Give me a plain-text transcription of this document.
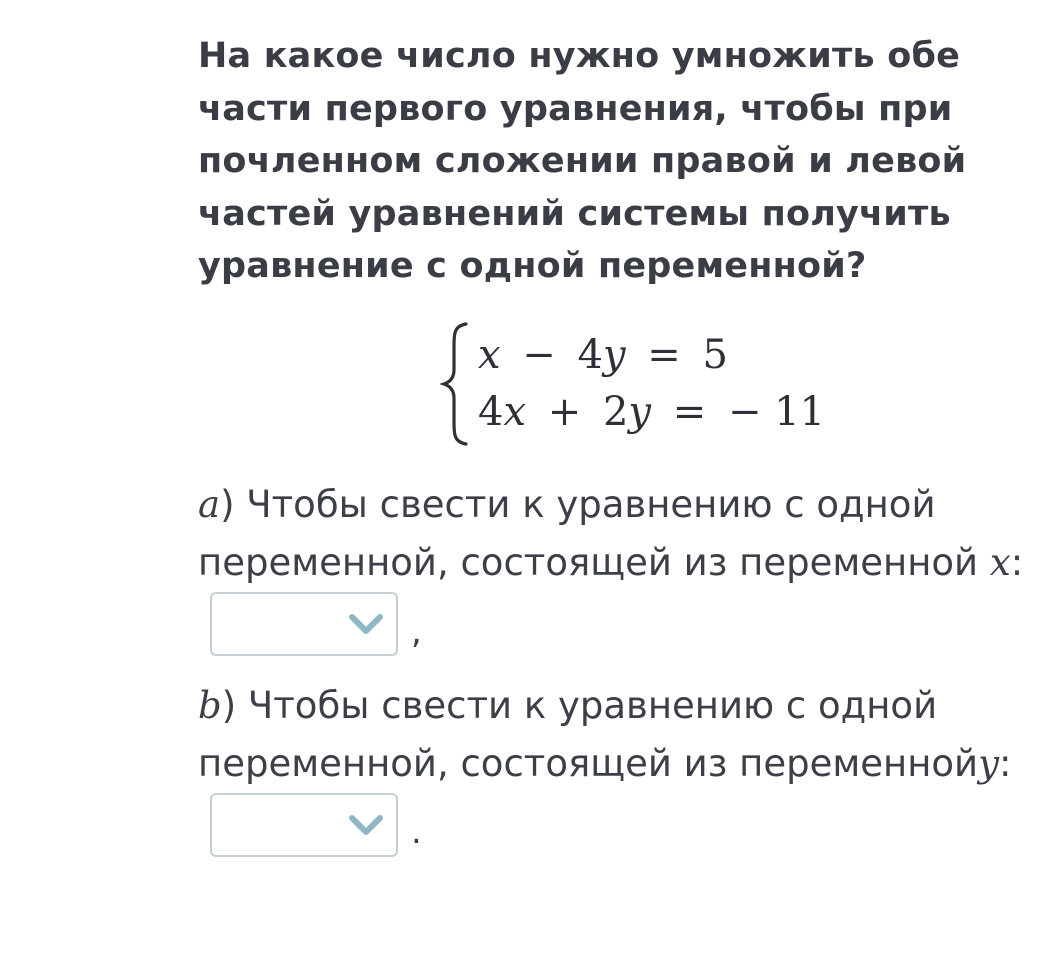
На какое число нужно умножить обе части первого уравнения, чтобы при почленном сложении правой и левой частей уравнений системы получить уравнение с одной переменной?
x − 4y = 5
4x + 2y = − 11
a) Чтобы свести к уравнению с одной
переменной, состоящей из переменной x:
,
b) Чтобы свести к уравнению с одной
переменной, состоящей из переменнойy:
.
